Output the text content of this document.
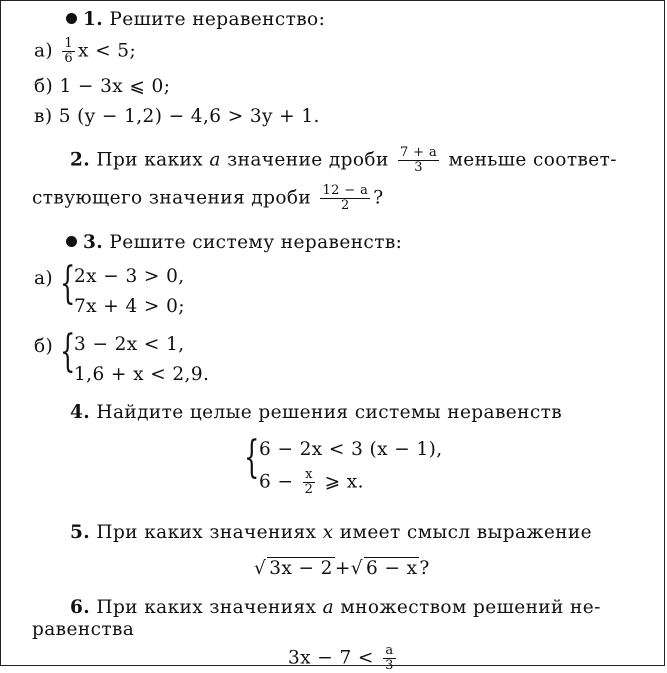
1. Решите неравенство:
$а) \frac{1}{6}$ x < 5;
б) 1 − 3x ⩽ 0;
в) 5 (y − 1,2) − 4,6 > 3y + 1.
2. При каких a значение дроби $\frac{7 + a}{3}$ меньше соответ-
ствующего значения дроби $\frac{12 - a}{2}$ ?
3. Решите систему неравенств:
а) {
2x − 3 > 0,
7x + 4 > 0;
б) {
3 − 2x < 1,
1,6 + x < 2,9.
4. Найдите целые решения системы неравенств
{ 6 − 2x < 3 (x − 1),
$6 - \frac{x}{2}$ ⩾ x.
5. При каких значениях x имеет смысл выражение
√ 3x − 2 +√ 6 − x ?
6. При каких значениях a множеством решений не-
равенства
$3x - 7 < \frac{a}{3}$
